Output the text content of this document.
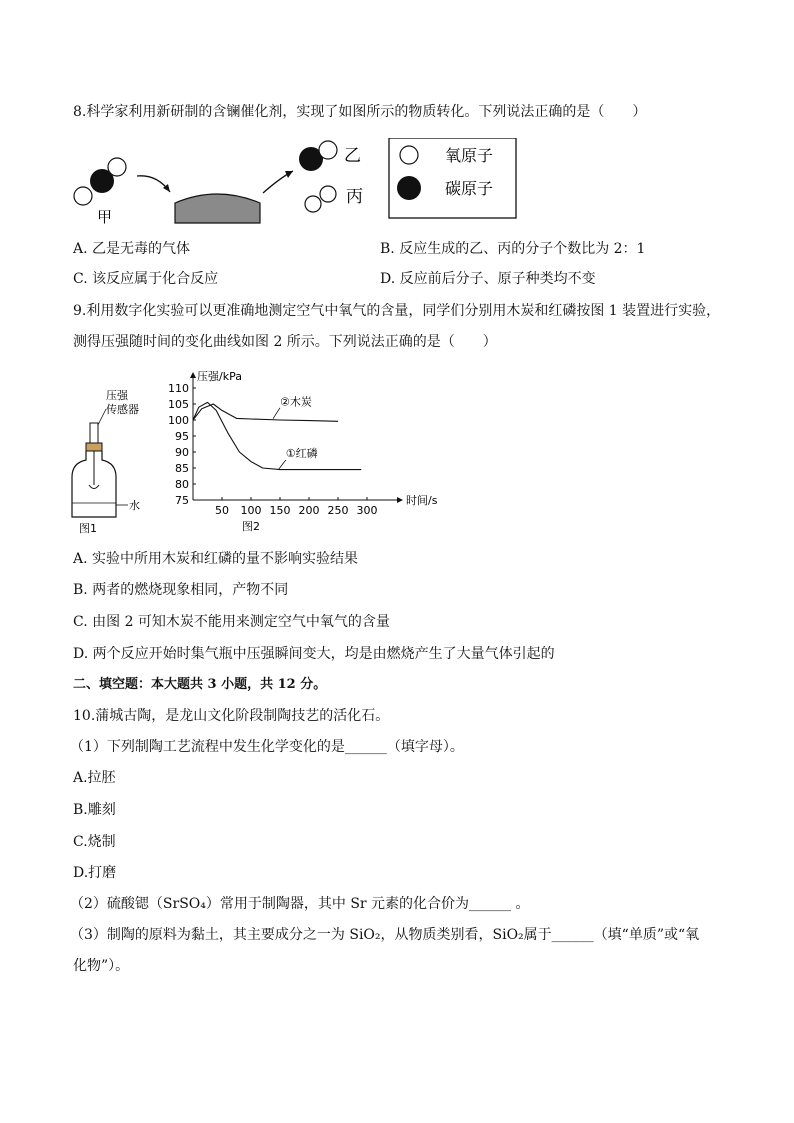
8.科学家利用新研制的含镧催化剂，实现了如图所示的物质转化。下列说法正确的是（　　）
甲
乙
丙
氧原子
碳原子
A. 乙是无毒的气体	B. 反应生成的乙、丙的分子个数比为 2：1
C. 该反应属于化合反应	D. 反应前后分子、原子种类均不变
9.利用数字化实验可以更准确地测定空气中氧气的含量，同学们分别用木炭和红磷按图 1 装置进行实验，
测得压强随时间的变化曲线如图 2 所示。下列说法正确的是（　　）
压强
传感器
水
图1
75
80
85
90
95
100
105
110
50 100 150 200 250 300
压强/kPa
时间/s
②木炭
①红磷
图2
A. 实验中所用木炭和红磷的量不影响实验结果
B. 两者的燃烧现象相同，产物不同
C. 由图 2 可知木炭不能用来测定空气中氧气的含量
D. 两个反应开始时集气瓶中压强瞬间变大，均是由燃烧产生了大量气体引起的
二、填空题：本大题共 3 小题，共 12 分。
10.蒲城古陶，是龙山文化阶段制陶技艺的活化石。
（1）下列制陶工艺流程中发生化学变化的是______（填字母）。
A.拉胚
B.雕刻
C.烧制
D.打磨
（2）硫酸锶（SrSO₄）常用于制陶器，其中 Sr 元素的化合价为______ 。
（3）制陶的原料为黏土，其主要成分之一为 SiO₂，从物质类别看，SiO₂属于______（填“单质”或“氧
化物”）。
